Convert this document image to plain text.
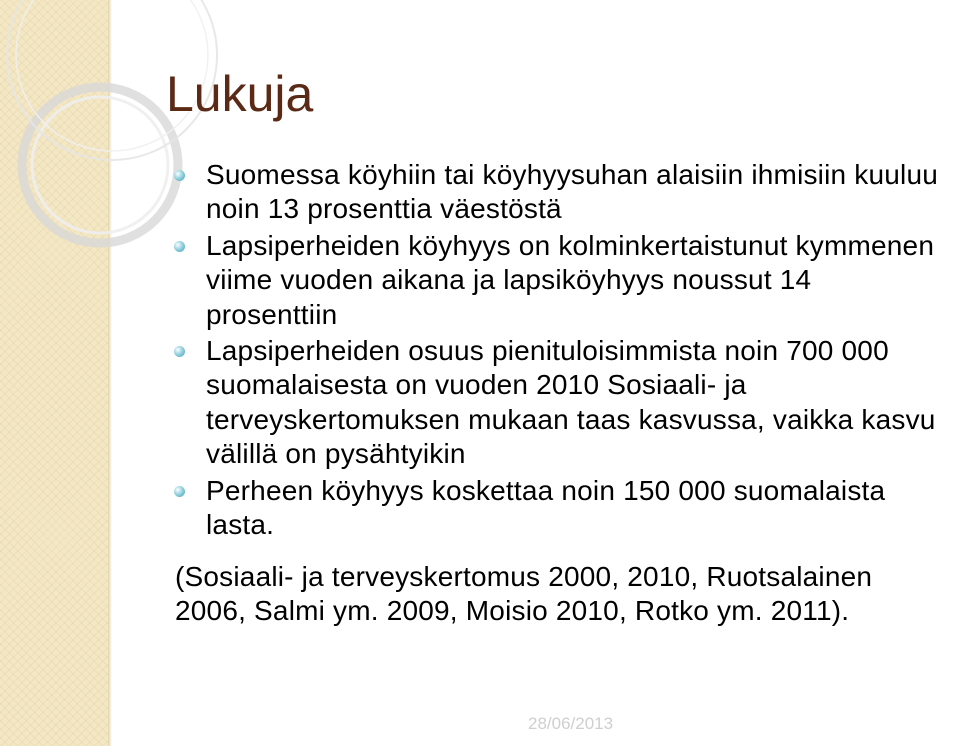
Lukuja
Suomessa köyhiin tai köyhyysuhan alaisiin ihmisiin kuuluu noin 13 prosenttia väestöstä
Lapsiperheiden köyhyys on kolminkertaistunut kymmenen viime vuoden aikana ja lapsiköyhyys noussut 14 prosenttiin
Lapsiperheiden osuus pienituloisimmista noin 700 000 suomalaisesta on vuoden 2010 Sosiaali- ja terveyskertomuksen mukaan taas kasvussa, vaikka kasvu välillä on pysähtyikin
Perheen köyhyys koskettaa noin 150 000 suomalaista lasta.
(Sosiaali- ja terveyskertomus 2000, 2010, Ruotsalainen 2006, Salmi ym. 2009, Moisio 2010, Rotko ym. 2011).
28/06/2013
